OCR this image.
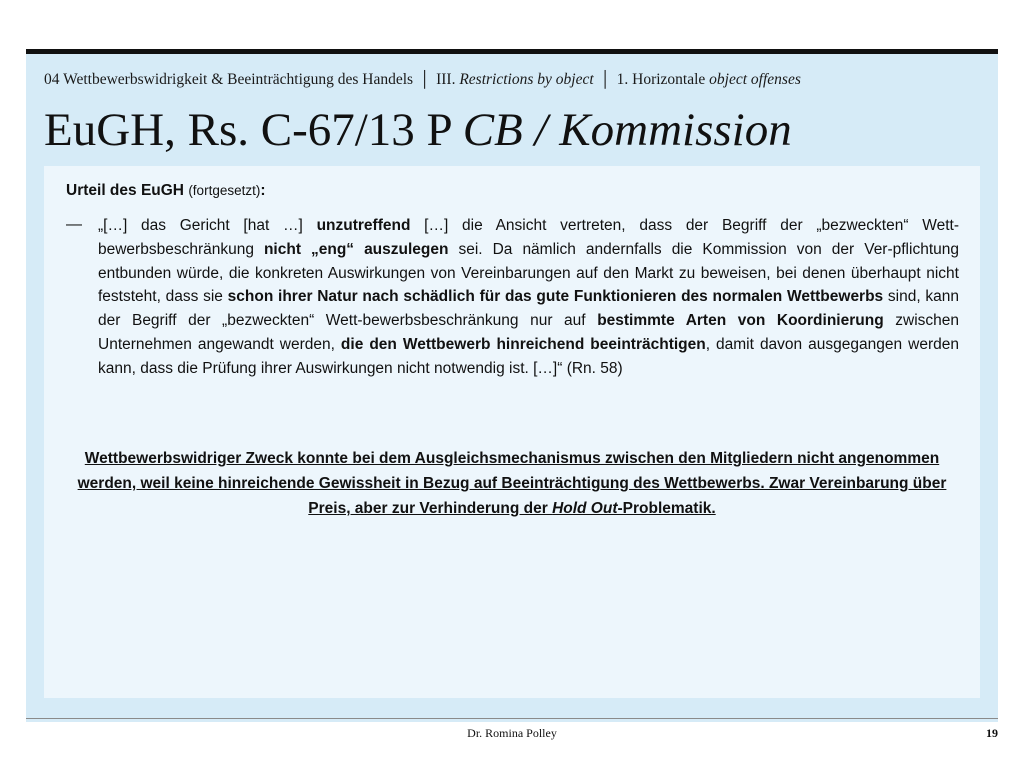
04 Wettbewerbswidrigkeit & Beeinträchtigung des Handels │ III. Restrictions by object │ 1. Horizontale object offenses
EuGH, Rs. C-67/13 P CB / Kommission
Urteil des EuGH (fortgesetzt):
— „[…] das Gericht [hat …] unzutreffend […] die Ansicht vertreten, dass der Begriff der „bezweckten“ Wett-bewerbsbeschränkung nicht „eng“ auszulegen sei. Da nämlich andernfalls die Kommission von der Ver-pflichtung entbunden würde, die konkreten Auswirkungen von Vereinbarungen auf den Markt zu beweisen, bei denen überhaupt nicht feststeht, dass sie schon ihrer Natur nach schädlich für das gute Funktionieren des normalen Wettbewerbs sind, kann der Begriff der „bezweckten“ Wett-bewerbsbeschränkung nur auf bestimmte Arten von Koordinierung zwischen Unternehmen angewandt werden, die den Wettbewerb hinreichend beeinträchtigen, damit davon ausgegangen werden kann, dass die Prüfung ihrer Auswirkungen nicht notwendig ist. […]“ (Rn. 58)
Wettbewerbswidriger Zweck konnte bei dem Ausgleichsmechanismus zwischen den Mitgliedern nicht angenommen werden, weil keine hinreichende Gewissheit in Bezug auf Beeinträchtigung des Wettbewerbs. Zwar Vereinbarung über Preis, aber zur Verhinderung der Hold Out-Problematik.
Dr. Romina Polley	19
